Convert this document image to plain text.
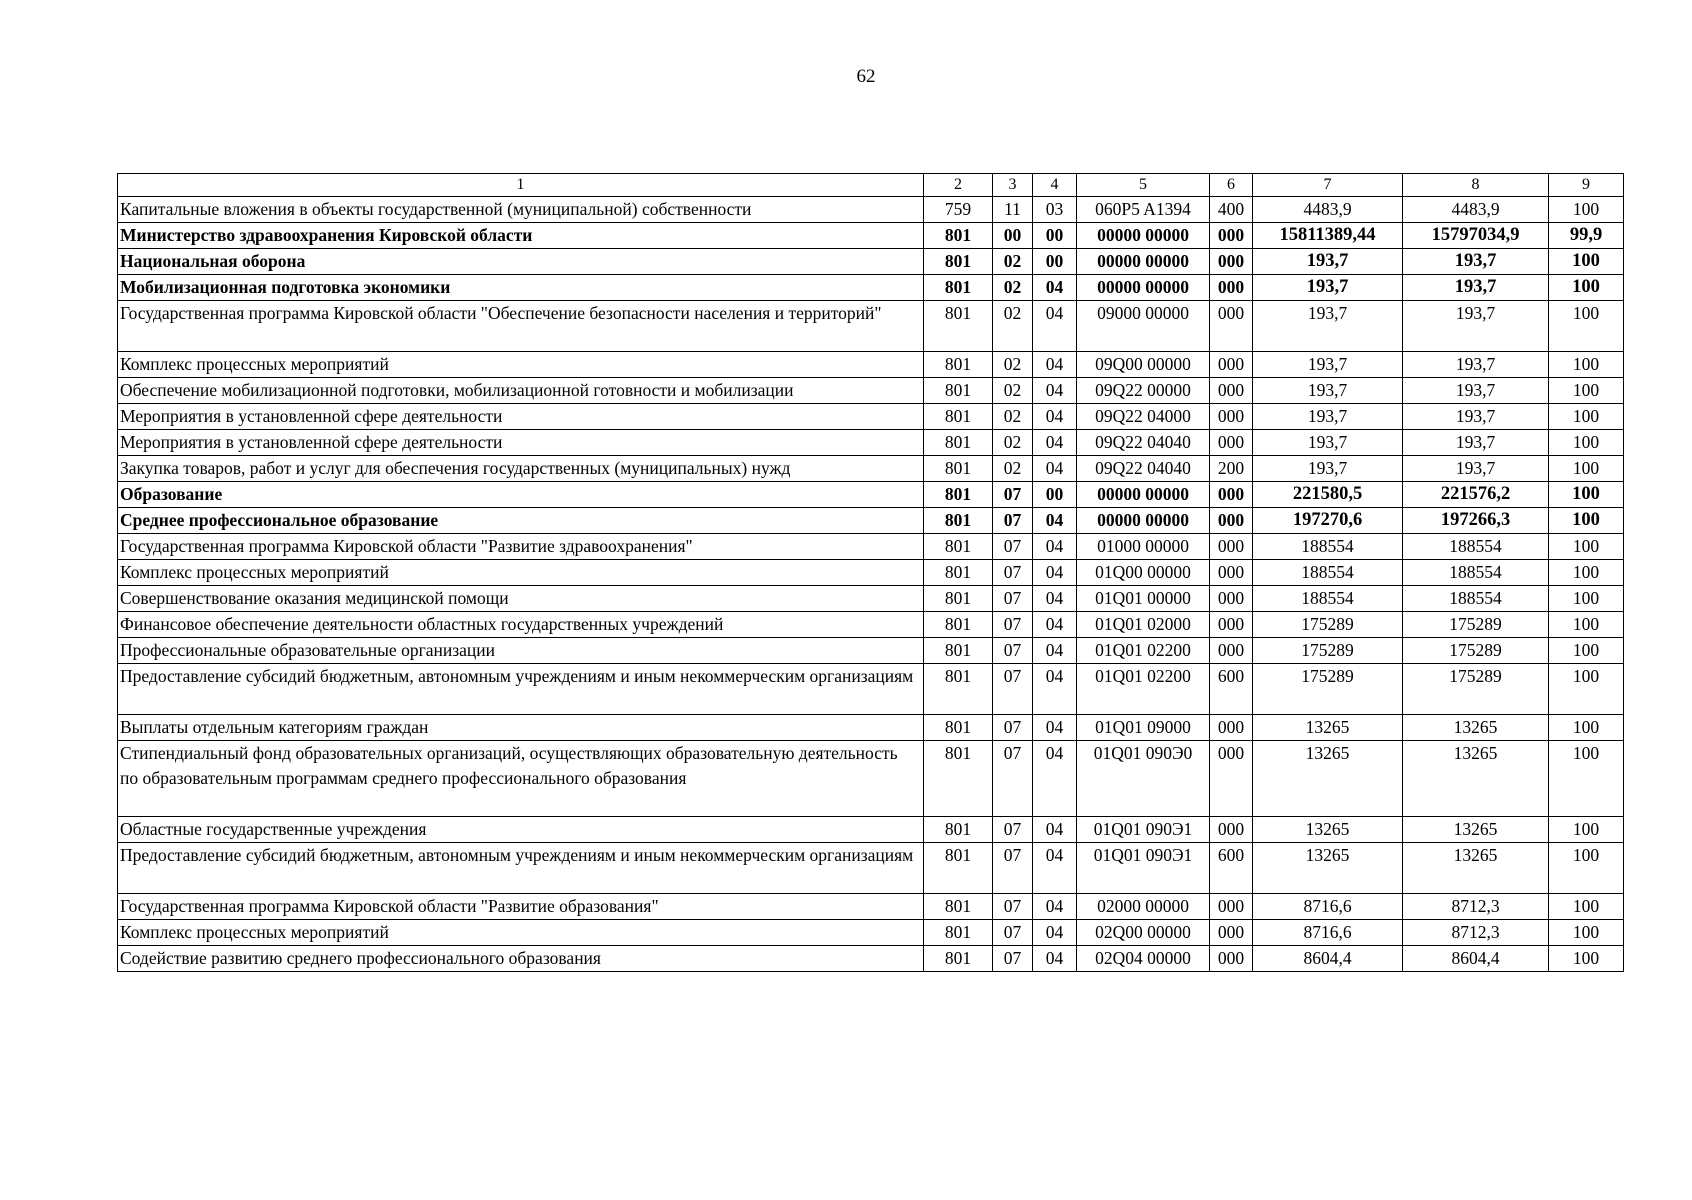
62
1	2	3	4	5	6	7	8	9
Капитальные вложения в объекты государственной (муниципальной) собственности	759	11	03	060P5 A1394	400	4483,9	4483,9	100
Министерство здравоохранения Кировской области	801	00	00	00000 00000	000	15811389,44	15797034,9	99,9
Национальная оборона	801	02	00	00000 00000	000	193,7	193,7	100
Мобилизационная подготовка экономики	801	02	04	00000 00000	000	193,7	193,7	100
Государственная программа Кировской области "Обеспечение безопасности населения и территорий"	801	02	04	09000 00000	000	193,7	193,7	100
Комплекс процессных мероприятий	801	02	04	09Q00 00000	000	193,7	193,7	100
Обеспечение мобилизационной подготовки, мобилизационной готовности и мобилизации	801	02	04	09Q22 00000	000	193,7	193,7	100
Мероприятия в установленной сфере деятельности	801	02	04	09Q22 04000	000	193,7	193,7	100
Мероприятия в установленной сфере деятельности	801	02	04	09Q22 04040	000	193,7	193,7	100
Закупка товаров, работ и услуг для обеспечения государственных (муниципальных) нужд	801	02	04	09Q22 04040	200	193,7	193,7	100
Образование	801	07	00	00000 00000	000	221580,5	221576,2	100
Среднее профессиональное образование	801	07	04	00000 00000	000	197270,6	197266,3	100
Государственная программа Кировской области "Развитие здравоохранения"	801	07	04	01000 00000	000	188554	188554	100
Комплекс процессных мероприятий	801	07	04	01Q00 00000	000	188554	188554	100
Совершенствование оказания медицинской помощи	801	07	04	01Q01 00000	000	188554	188554	100
Финансовое обеспечение деятельности областных государственных учреждений	801	07	04	01Q01 02000	000	175289	175289	100
Профессиональные образовательные организации	801	07	04	01Q01 02200	000	175289	175289	100
Предоставление субсидий бюджетным, автономным учреждениям и иным некоммерческим организациям	801	07	04	01Q01 02200	600	175289	175289	100
Выплаты отдельным категориям граждан	801	07	04	01Q01 09000	000	13265	13265	100
Стипендиальный фонд образовательных организаций, осуществляющих образовательную деятельность по образовательным программам среднего профессионального образования	801	07	04	01Q01 090Э0	000	13265	13265	100
Областные государственные учреждения	801	07	04	01Q01 090Э1	000	13265	13265	100
Предоставление субсидий бюджетным, автономным учреждениям и иным некоммерческим организациям	801	07	04	01Q01 090Э1	600	13265	13265	100
Государственная программа Кировской области "Развитие образования"	801	07	04	02000 00000	000	8716,6	8712,3	100
Комплекс процессных мероприятий	801	07	04	02Q00 00000	000	8716,6	8712,3	100
Содействие развитию среднего профессионального образования	801	07	04	02Q04 00000	000	8604,4	8604,4	100
